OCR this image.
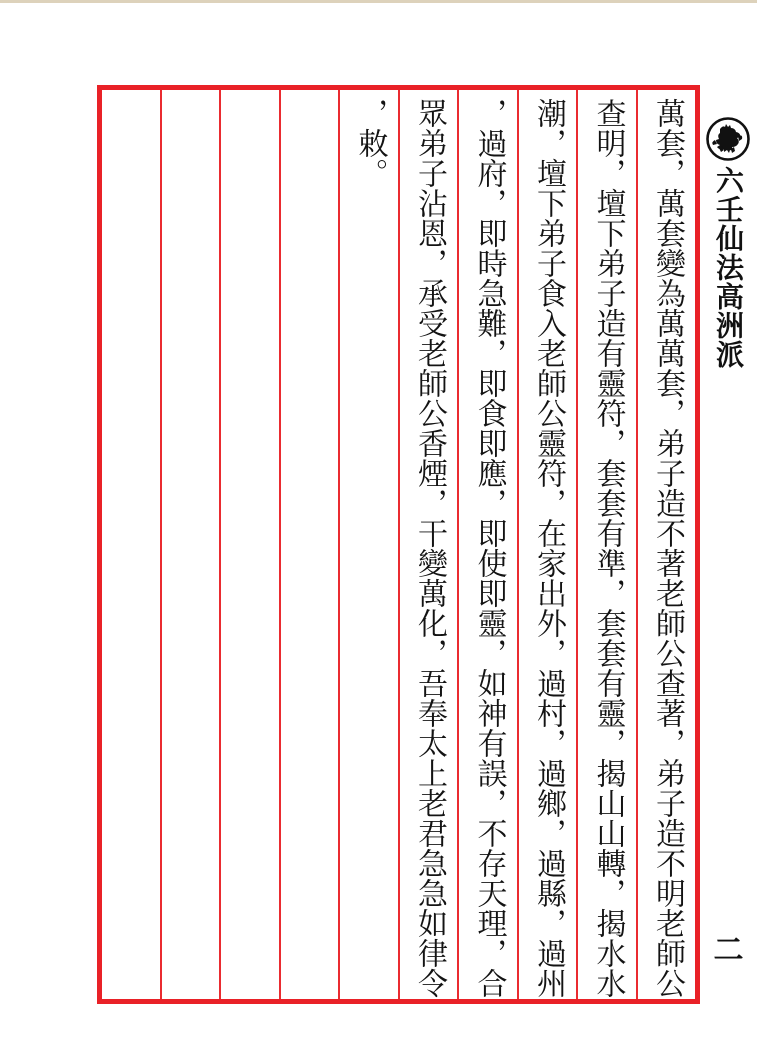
六壬仙法高洲派
二
萬套，萬套變為萬萬套，弟子造不著老師公查著，弟子造不明老師公
查明，壇下弟子造有靈符，套套有準，套套有靈，揭山山轉，揭水水
潮，壇下弟子食入老師公靈符，在家出外，過村，過鄉，過縣，過州
，過府，即時急難，即食即應，即使即靈，如神有誤，不存天理，合
眾弟子沾恩，承受老師公香煙，干變萬化，吾奉太上老君急急如律令
，敕。
